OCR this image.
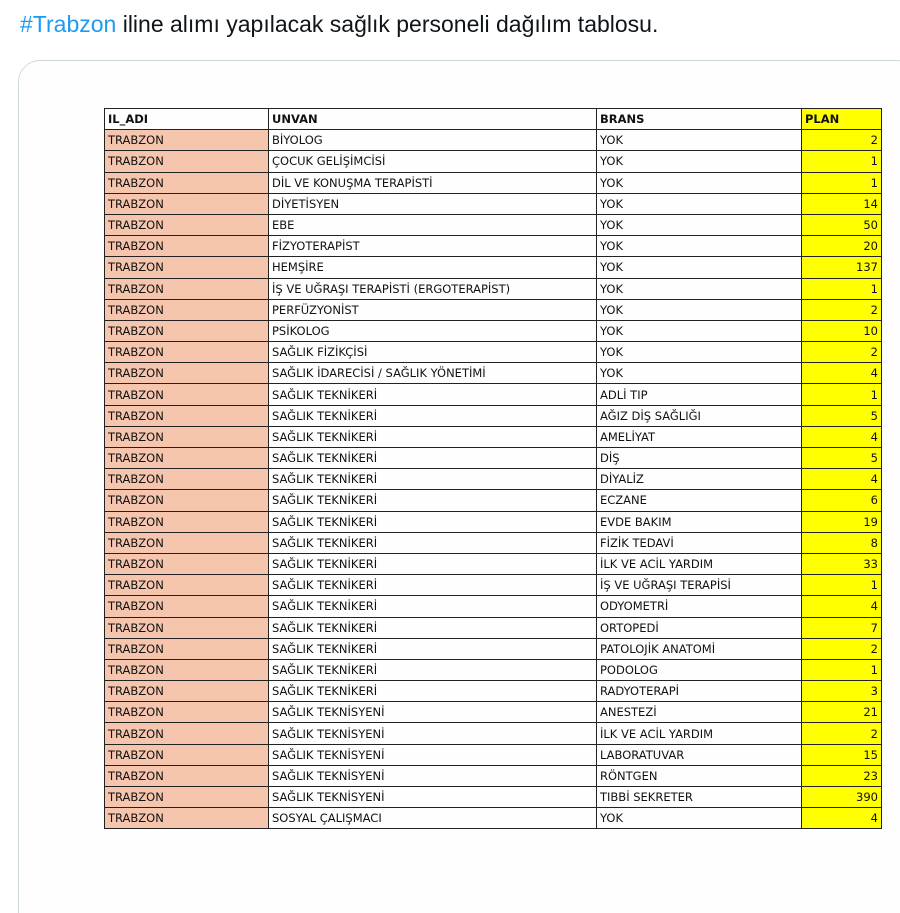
#Trabzon iline alımı yapılacak sağlık personeli dağılım tablosu.
IL_ADI	UNVAN	BRANS	PLAN
TRABZON	BİYOLOG	YOK	2
TRABZON	ÇOCUK GELİŞİMCİSİ	YOK	1
TRABZON	DİL VE KONUŞMA TERAPİSTİ	YOK	1
TRABZON	DİYETİSYEN	YOK	14
TRABZON	EBE	YOK	50
TRABZON	FİZYOTERAPİST	YOK	20
TRABZON	HEMŞİRE	YOK	137
TRABZON	İŞ VE UĞRAŞI TERAPİSTİ (ERGOTERAPİST)	YOK	1
TRABZON	PERFÜZYONİST	YOK	2
TRABZON	PSİKOLOG	YOK	10
TRABZON	SAĞLIK FİZİKÇİSİ	YOK	2
TRABZON	SAĞLIK İDARECİSİ / SAĞLIK YÖNETİMİ	YOK	4
TRABZON	SAĞLIK TEKNİKERİ	ADLİ TIP	1
TRABZON	SAĞLIK TEKNİKERİ	AĞIZ DİŞ SAĞLIĞI	5
TRABZON	SAĞLIK TEKNİKERİ	AMELİYAT	4
TRABZON	SAĞLIK TEKNİKERİ	DİŞ	5
TRABZON	SAĞLIK TEKNİKERİ	DİYALİZ	4
TRABZON	SAĞLIK TEKNİKERİ	ECZANE	6
TRABZON	SAĞLIK TEKNİKERİ	EVDE BAKIM	19
TRABZON	SAĞLIK TEKNİKERİ	FİZİK TEDAVİ	8
TRABZON	SAĞLIK TEKNİKERİ	İLK VE ACİL YARDIM	33
TRABZON	SAĞLIK TEKNİKERİ	İŞ VE UĞRAŞI TERAPİSİ	1
TRABZON	SAĞLIK TEKNİKERİ	ODYOMETRİ	4
TRABZON	SAĞLIK TEKNİKERİ	ORTOPEDİ	7
TRABZON	SAĞLIK TEKNİKERİ	PATOLOJİK ANATOMİ	2
TRABZON	SAĞLIK TEKNİKERİ	PODOLOG	1
TRABZON	SAĞLIK TEKNİKERİ	RADYOTERAPİ	3
TRABZON	SAĞLIK TEKNİSYENİ	ANESTEZİ	21
TRABZON	SAĞLIK TEKNİSYENİ	İLK VE ACİL YARDIM	2
TRABZON	SAĞLIK TEKNİSYENİ	LABORATUVAR	15
TRABZON	SAĞLIK TEKNİSYENİ	RÖNTGEN	23
TRABZON	SAĞLIK TEKNİSYENİ	TIBBİ SEKRETER	390
TRABZON	SOSYAL ÇALIŞMACI	YOK	4
